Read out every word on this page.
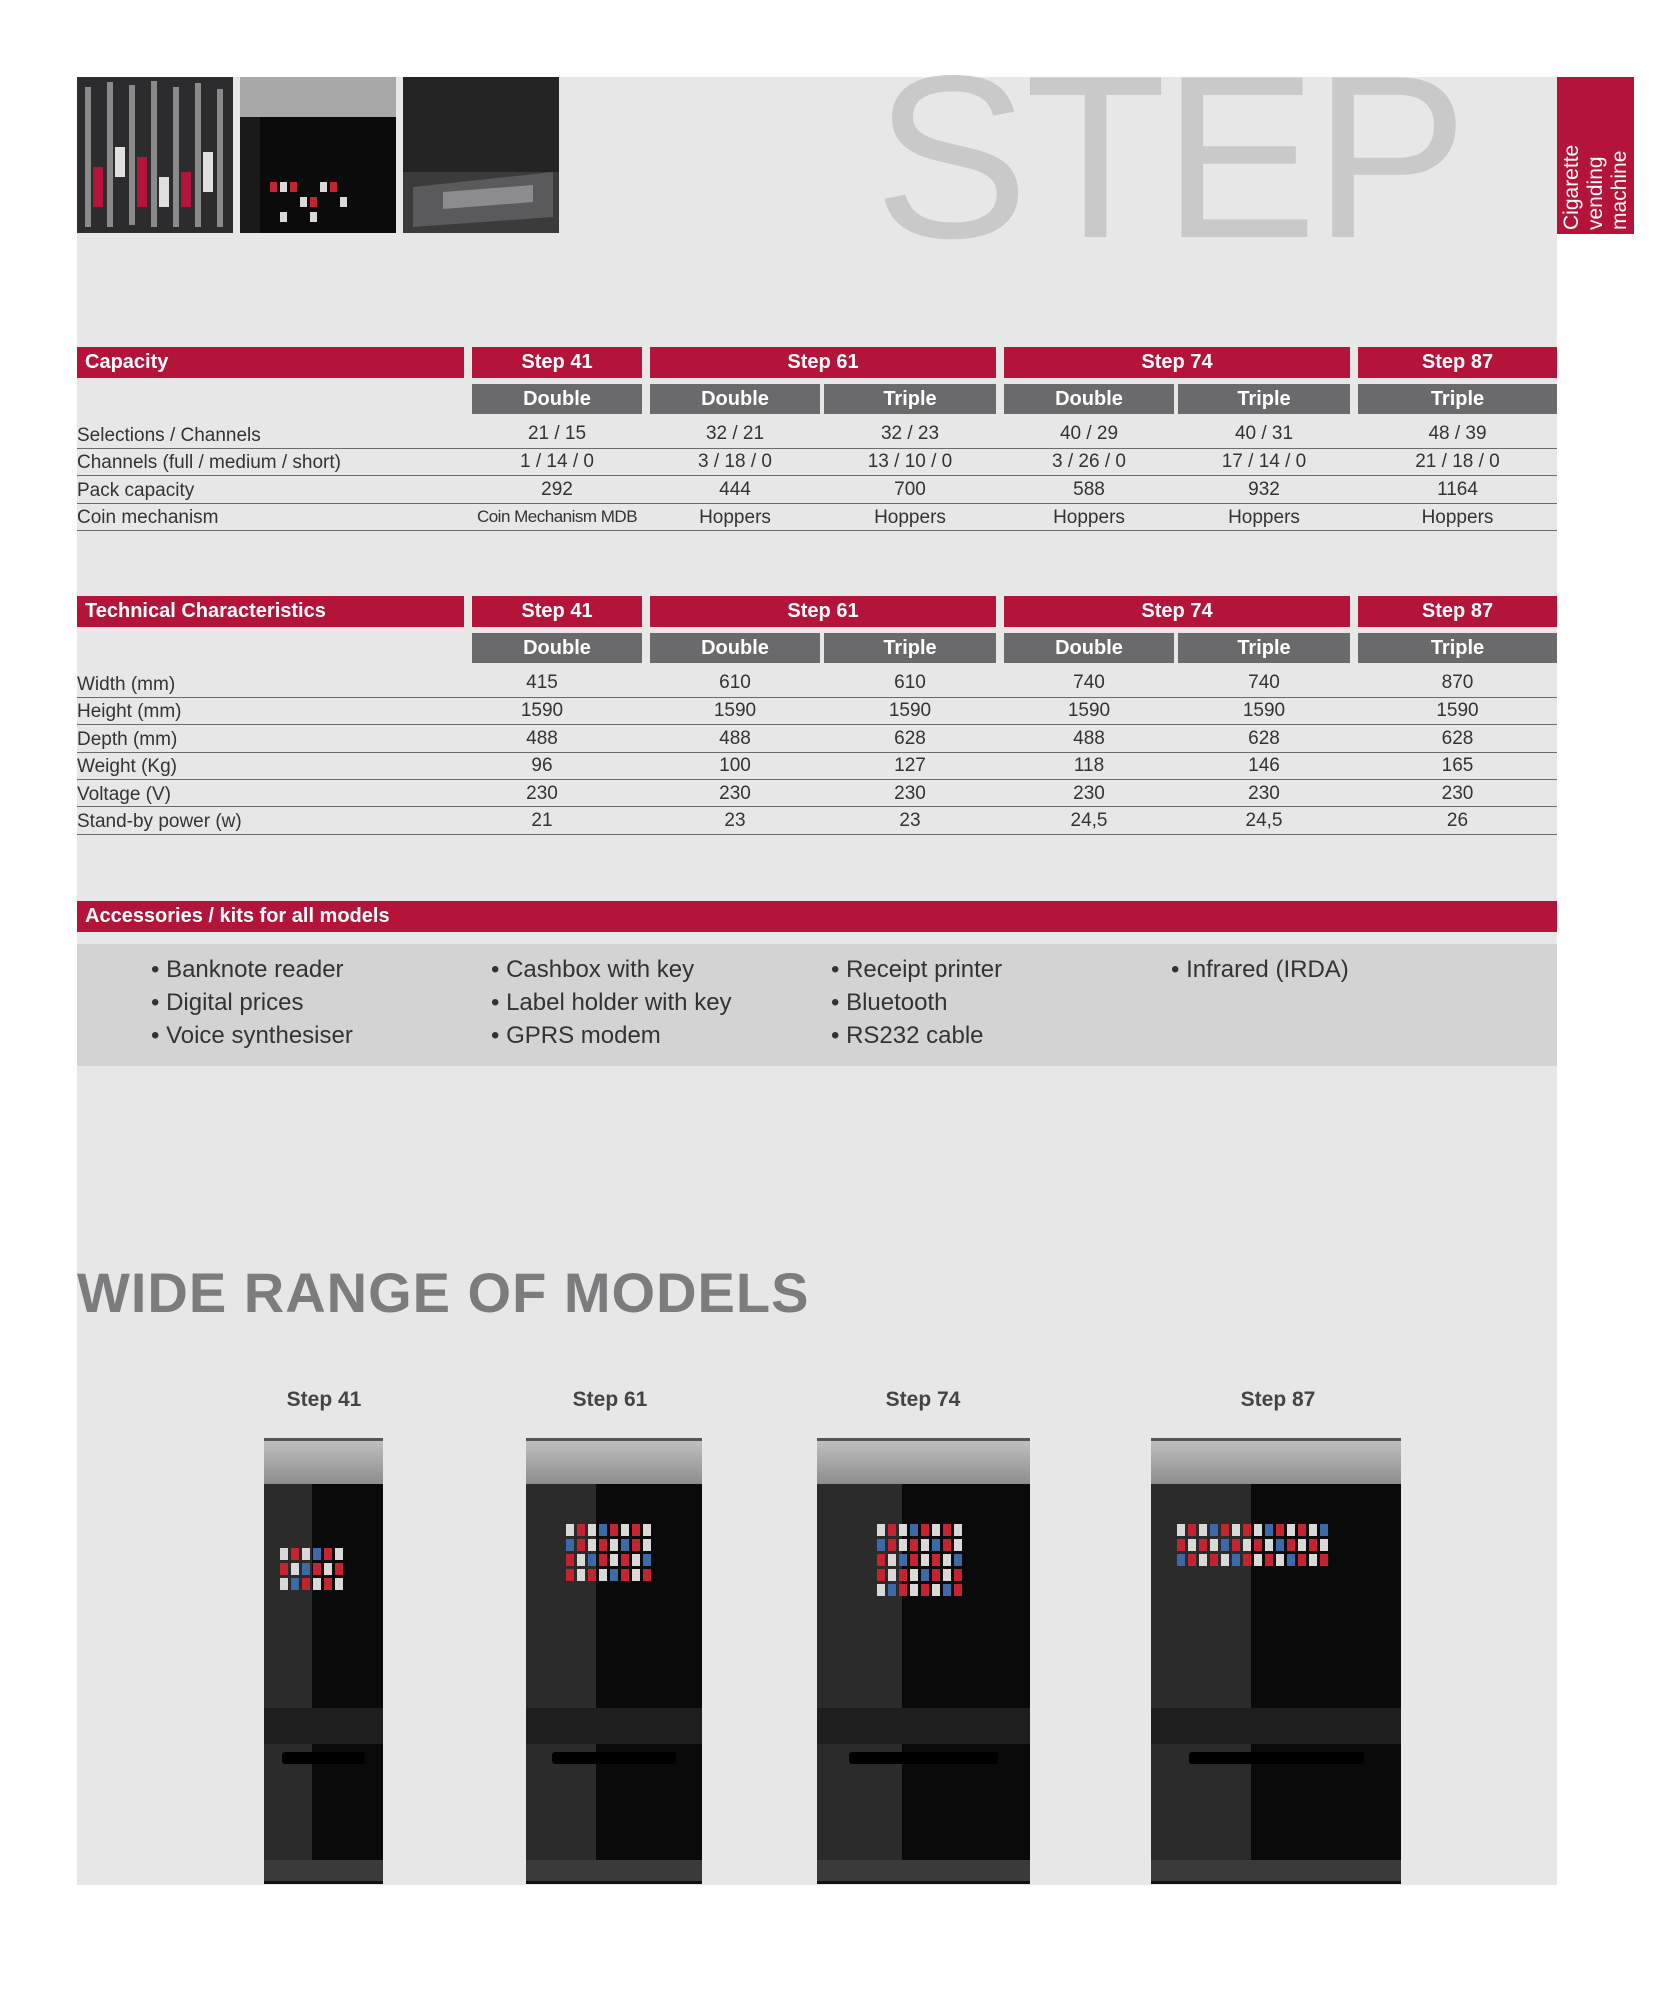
STEP	Cigarette vending machine
Capacity	Step 41	Step 61	Step 74	Step 87
Double	Double	Triple	Double	Triple	Triple
Selections / Channels	21 / 15	32 / 21	32 / 23	40 / 29	40 / 31	48 / 39
Channels (full / medium / short)	1 / 14 / 0	3 / 18 / 0	13 / 10 / 0	3 / 26 / 0	17 / 14 / 0	21 / 18 / 0
Pack capacity	292	444	700	588	932	1164
Coin mechanism	Coin Mechanism MDB	Hoppers	Hoppers	Hoppers	Hoppers	Hoppers
Technical Characteristics	Step 41	Step 61	Step 74	Step 87
Double	Double	Triple	Double	Triple	Triple
Width (mm)	415	610	610	740	740	870
Height (mm)	1590	1590	1590	1590	1590	1590
Depth (mm)	488	488	628	488	628	628
Weight (Kg)	96	100	127	118	146	165
Voltage (V)	230	230	230	230	230	230
Stand-by power (w)	21	23	23	24,5	24,5	26
Accessories / kits for all models
• Banknote reader
• Digital prices
• Voice synthesiser
• Cashbox with key
• Label holder with key
• GPRS modem
• Receipt printer
• Bluetooth
• RS232 cable
• Infrared (IRDA)
WIDE RANGE OF MODELS
Step 41	Step 61	Step 74	Step 87
